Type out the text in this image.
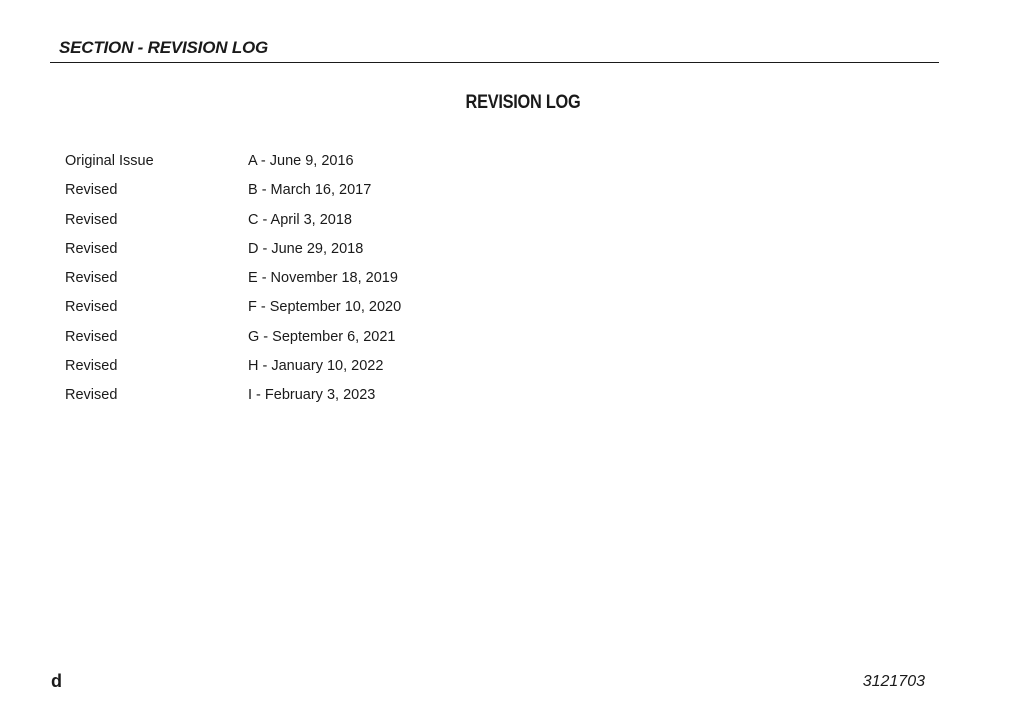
SECTION - REVISION LOG
REVISION LOG
Original Issue	A - June 9, 2016
Revised	B - March 16, 2017
Revised	C - April 3, 2018
Revised	D - June 29, 2018
Revised	E - November 18, 2019
Revised	F - September 10, 2020
Revised	G - September 6, 2021
Revised	H - January 10, 2022
Revised	I - February 3, 2023
d	3121703
